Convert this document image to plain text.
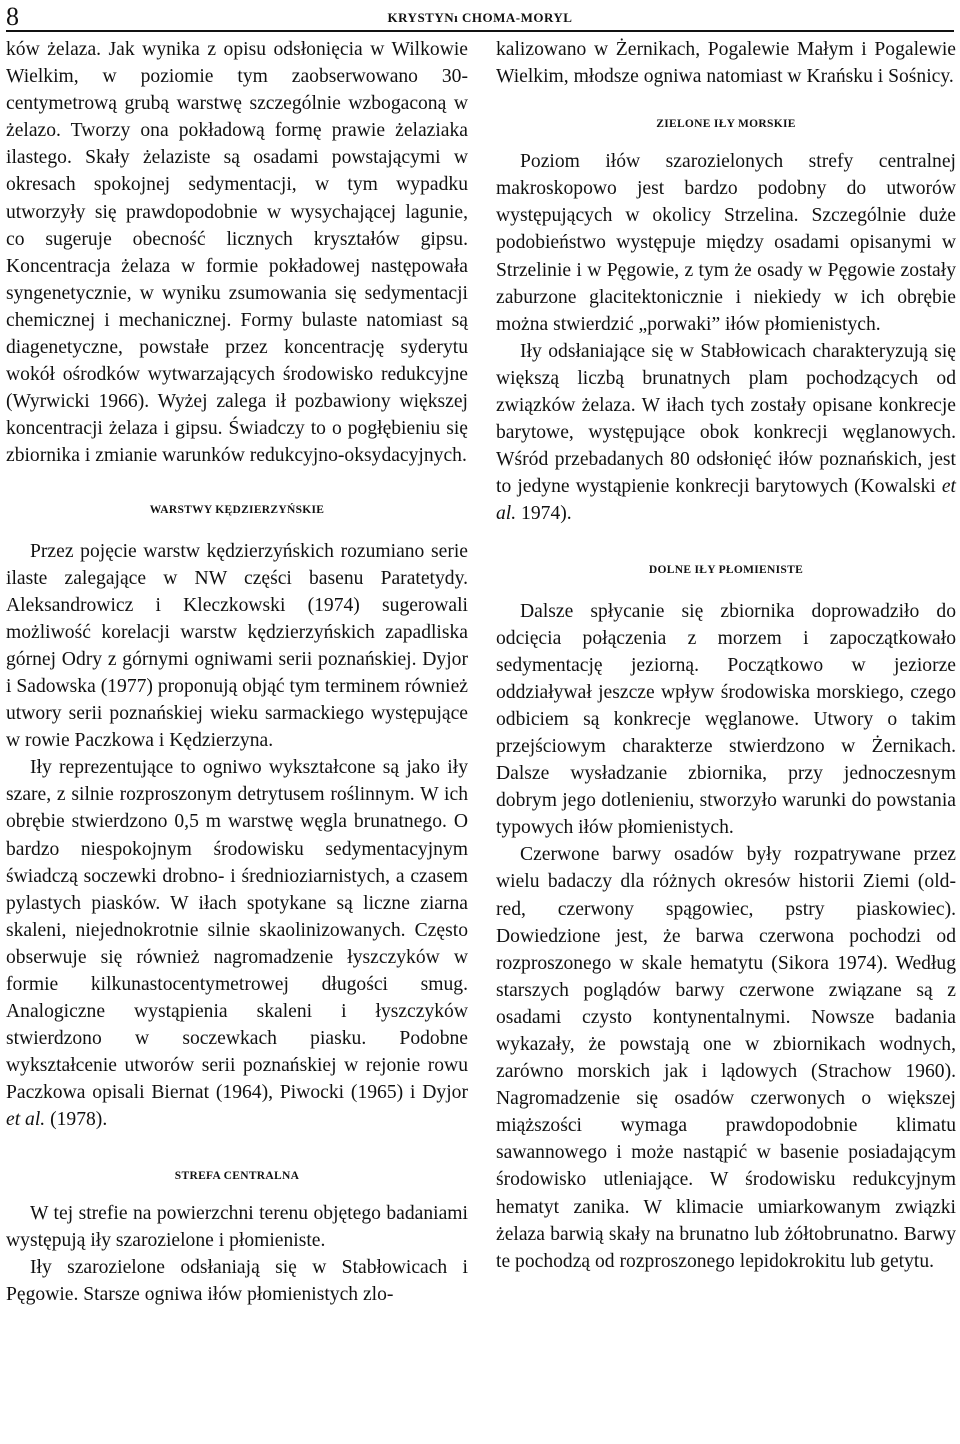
8	KRYSTYNı CHOMA-MORYL

ków żelaza. Jak wynika z opisu odsłonięcia w Wilkowie Wielkim, w poziomie tym zaobserwowano 30-centymetrową grubą warstwę szczególnie wzbogaconą w żelazo. Tworzy ona pokładową formę prawie żelaziaka ilastego. Skały żelaziste są osadami powstającymi w okresach spokojnej sedymentacji, w tym wypadku utworzyły się prawdopodobnie w wysychającej lagunie, co sugeruje obecność licznych kryształów gipsu. Koncentracja żelaza w formie pokładowej następowała syngenetycznie, w wyniku zsumowania się sedymentacji chemicznej i mechanicznej. Formy bulaste natomiast są diagenetyczne, powstałe przez koncentrację syderytu wokół ośrodków wytwarzających środowisko redukcyjne (Wyrwicki 1966). Wyżej zalega ił pozbawiony większej koncentracji żelaza i gipsu. Świadczy to o pogłębieniu się zbiornika i zmianie warunków redukcyjno-oksydacyjnych.

WARSTWY KĘDZIERZYŃSKIE

Przez pojęcie warstw kędzierzyńskich rozumiano serie ilaste zalegające w NW części basenu Paratetydy. Aleksandrowicz i Kleczkowski (1974) sugerowali możliwość korelacji warstw kędzierzyńskich zapadliska górnej Odry z górnymi ogniwami serii poznańskiej. Dyjor i Sadowska (1977) proponują objąć tym terminem również utwory serii poznańskiej wieku sarmackiego występujące w rowie Paczkowa i Kędzierzyna.

Iły reprezentujące to ogniwo wykształcone są jako iły szare, z silnie rozproszonym detrytusem roślinnym. W ich obrębie stwierdzono 0,5 m warstwę węgla brunatnego. O bardzo niespokojnym środowisku sedymentacyjnym świadczą soczewki drobno- i średnioziarnistych, a czasem pylastych piasków. W iłach spotykane są liczne ziarna skaleni, niejednokrotnie silnie skaolinizowanych. Często obserwuje się również nagromadzenie łyszczyków w formie kilkunastocentymetrowej długości smug. Analogiczne wystąpienia skaleni i łyszczyków stwierdzono w soczewkach piasku. Podobne wykształcenie utworów serii poznańskiej w rejonie rowu Paczkowa opisali Biernat (1964), Piwocki (1965) i Dyjor et al. (1978).

STREFA CENTRALNA

W tej strefie na powierzchni terenu objętego badaniami występują iły szarozielone i płomieniste.

Iły szarozielone odsłaniają się w Stabłowicach i Pęgowie. Starsze ogniwa iłów płomienistych zlo-

kalizowano w Żernikach, Pogalewie Małym i Pogalewie Wielkim, młodsze ogniwa natomiast w Krańsku i Sośnicy.

ZIELONE IŁY MORSKIE

Poziom iłów szarozielonych strefy centralnej makroskopowo jest bardzo podobny do utworów występujących w okolicy Strzelina. Szczególnie duże podobieństwo występuje między osadami opisanymi w Strzelinie i w Pęgowie, z tym że osady w Pęgowie zostały zaburzone glacitektonicznie i niekiedy w ich obrębie można stwierdzić „porwaki” iłów płomienistych.

Iły odsłaniające się w Stabłowicach charakteryzują się większą liczbą brunatnych plam pochodzących od związków żelaza. W iłach tych zostały opisane konkrecje barytowe, występujące obok konkrecji węglanowych. Wśród przebadanych 80 odsłonięć iłów poznańskich, jest to jedyne wystąpienie konkrecji barytowych (Kowalski et al. 1974).

DOLNE IŁY PŁOMIENISTE

Dalsze spłycanie się zbiornika doprowadziło do odcięcia połączenia z morzem i zapoczątkowało sedymentację jeziorną. Początkowo w jeziorze oddziaływał jeszcze wpływ środowiska morskiego, czego odbiciem są konkrecje węglanowe. Utwory o takim przejściowym charakterze stwierdzono w Żernikach. Dalsze wysładzanie zbiornika, przy jednoczesnym dobrym jego dotlenieniu, stworzyło warunki do powstania typowych iłów płomienistych.

Czerwone barwy osadów były rozpatrywane przez wielu badaczy dla różnych okresów historii Ziemi (old-red, czerwony spągowiec, pstry piaskowiec). Dowiedzione jest, że barwa czerwona pochodzi od rozproszonego w skale hematytu (Sikora 1974). Według starszych poglądów barwy czerwone związane są z osadami czysto kontynentalnymi. Nowsze badania wykazały, że powstają one w zbiornikach wodnych, zarówno morskich jak i lądowych (Strachow 1960). Nagromadzenie się osadów czerwonych o większej miąższości wymaga prawdopodobnie klimatu sawannowego i może nastąpić w basenie posiadającym środowisko utleniające. W środowisku redukcyjnym hematyt zanika. W klimacie umiarkowanym związki żelaza barwią skały na brunatno lub żółtobrunatno. Barwy te pochodzą od rozproszonego lepidokrokitu lub getytu.
